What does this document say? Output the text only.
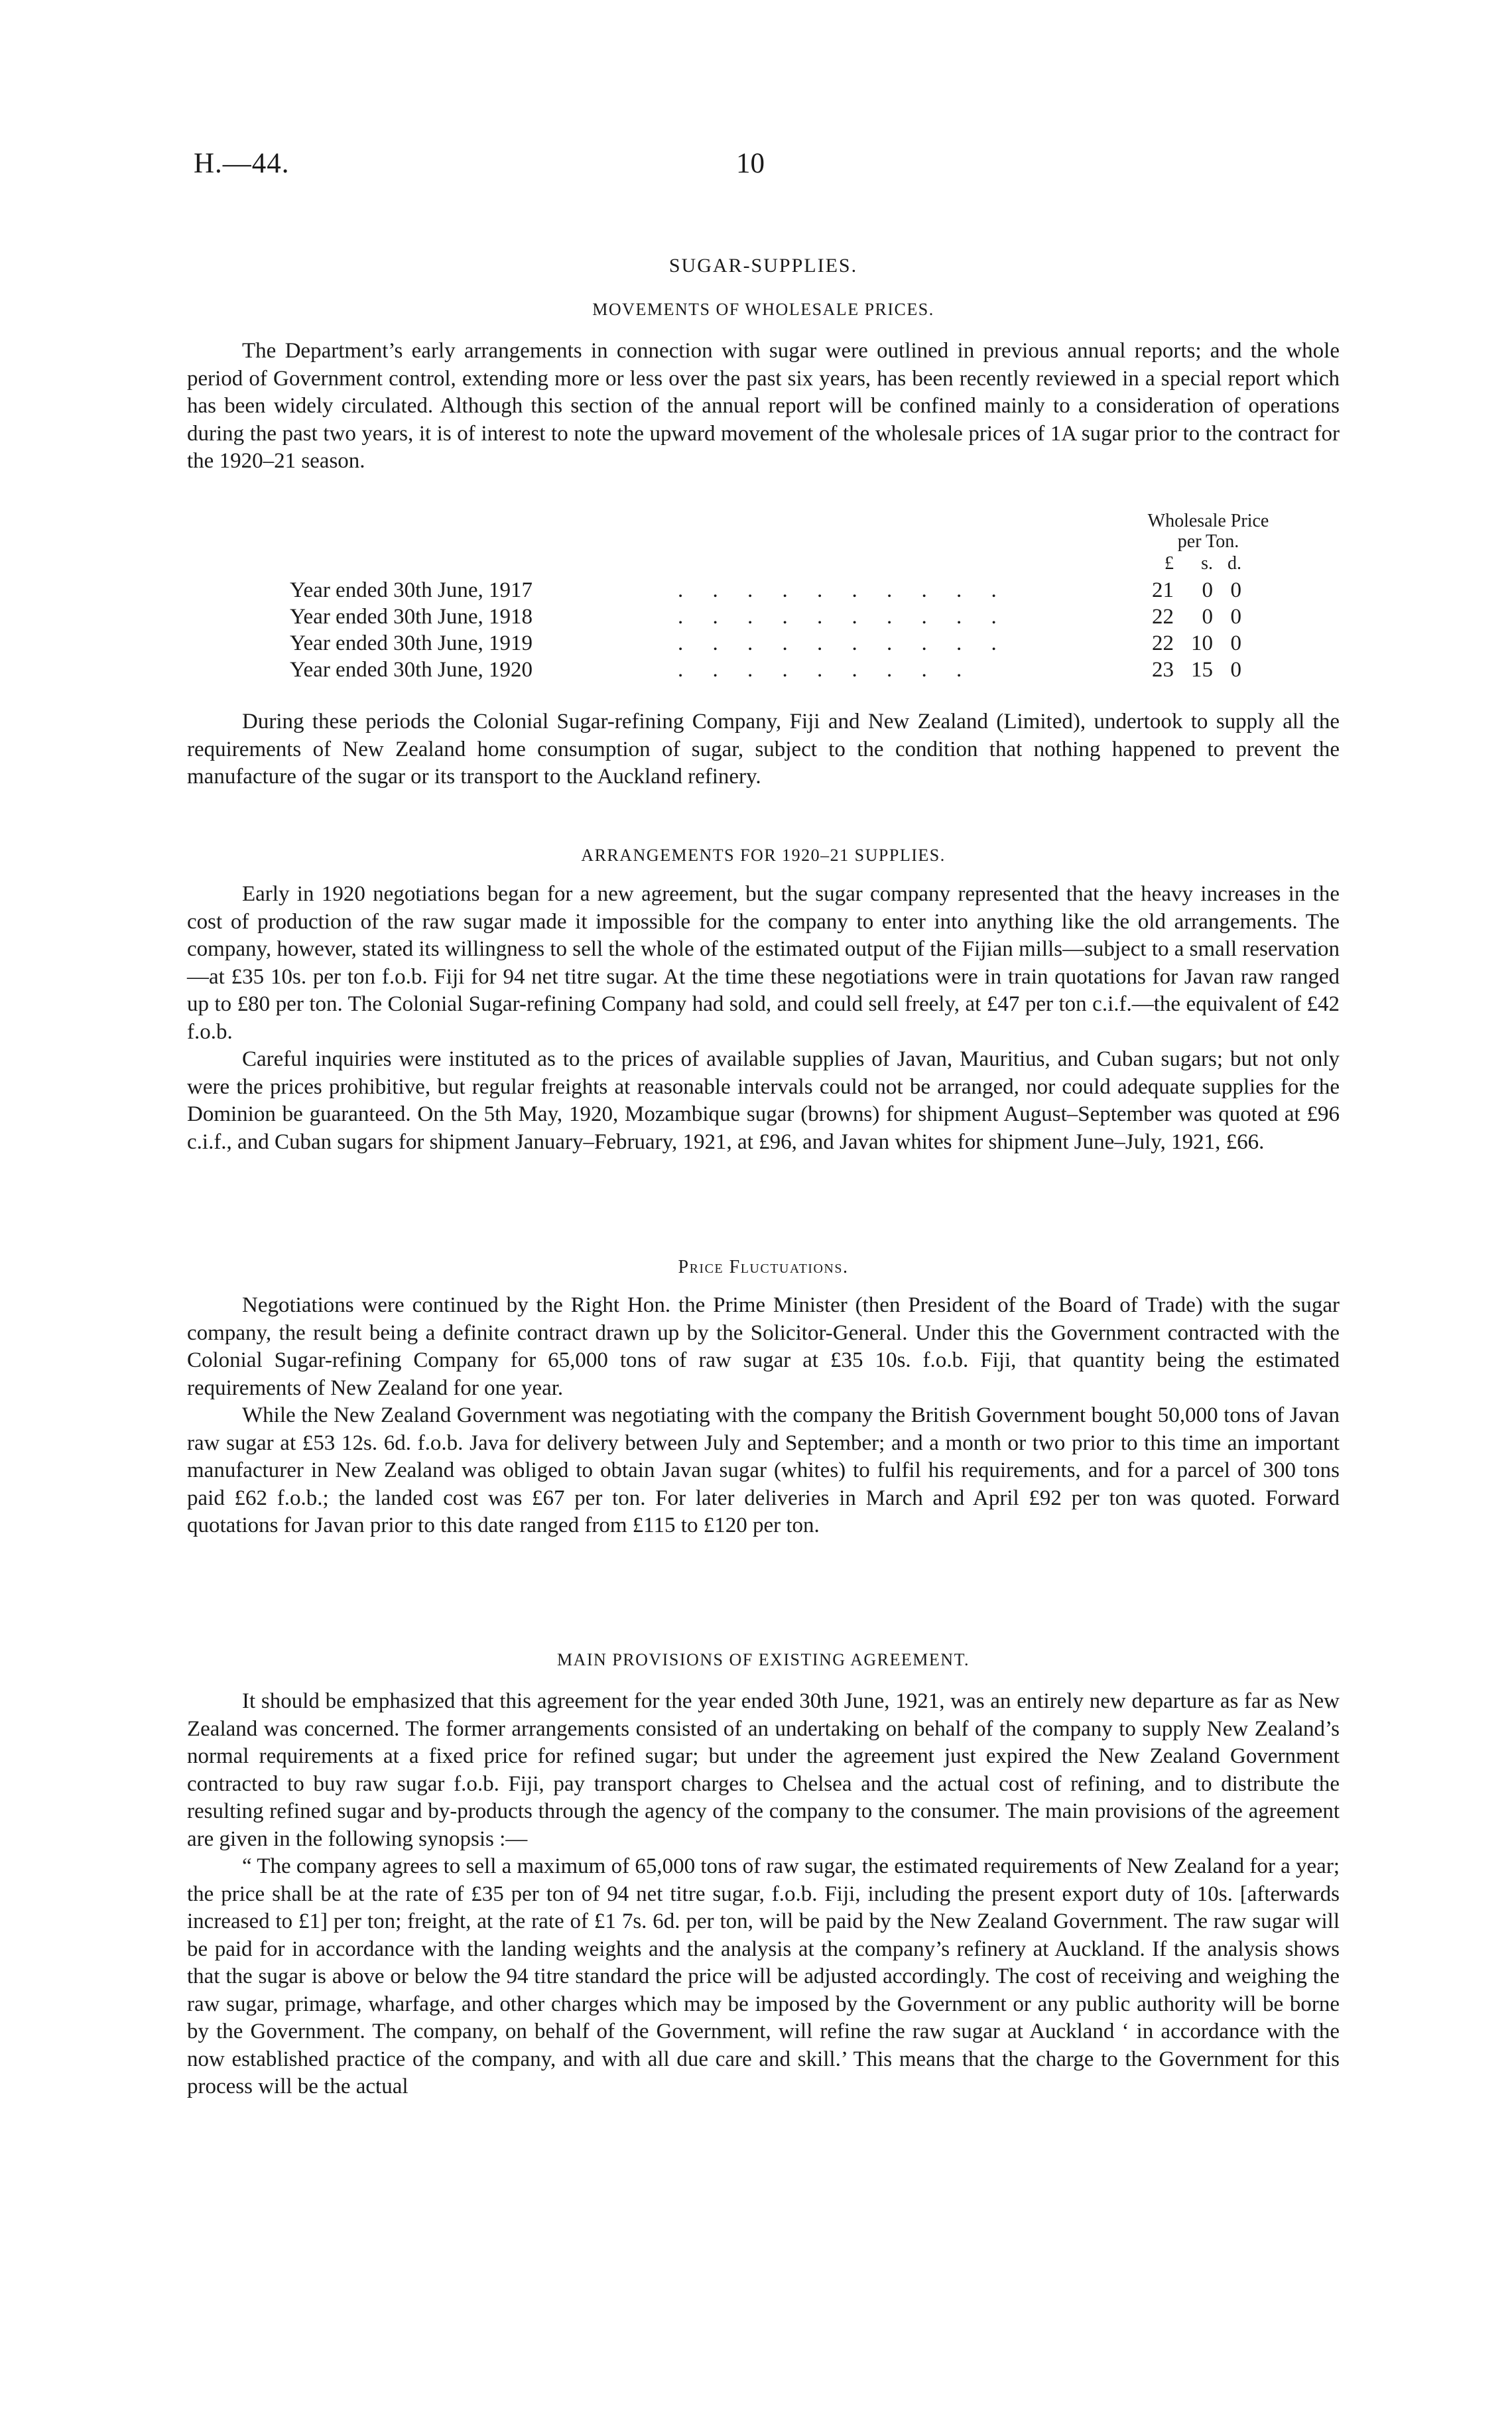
H.—44.	10
SUGAR-SUPPLIES.
MOVEMENTS OF WHOLESALE PRICES.

The Department’s early arrangements in connection with sugar were outlined in previous annual reports; and the whole period of Government control, extending more or less over the past six years, has been recently reviewed in a special report which has been widely circulated. Although this section of the annual report will be confined mainly to a consideration of operations during the past two years, it is of interest to note the upward movement of the wholesale prices of 1A sugar prior to the contract for the 1920–21 season.

Wholesale Price
per Ton.
£	s. d.
Year ended 30th June, 1917	. . . . . . . . . .	21	0 0
Year ended 30th June, 1918	. . . . . . . . . .	22	0 0
Year ended 30th June, 1919	. . . . . . . . . .	22 10 0
Year ended 30th June, 1920	. . . . . . . . .	23 15 0

During these periods the Colonial Sugar-refining Company, Fiji and New Zealand (Limited), undertook to supply all the requirements of New Zealand home consumption of sugar, subject to the condition that nothing happened to prevent the manufacture of the sugar or its transport to the Auckland refinery.

ARRANGEMENTS FOR 1920–21 SUPPLIES.

Early in 1920 negotiations began for a new agreement, but the sugar company represented that the heavy increases in the cost of production of the raw sugar made it impossible for the company to enter into anything like the old arrangements. The company, however, stated its willingness to sell the whole of the estimated output of the Fijian mills—subject to a small reservation—at £35 10s. per ton f.o.b. Fiji for 94 net titre sugar. At the time these negotiations were in train quotations for Javan raw ranged up to £80 per ton. The Colonial Sugar-refining Company had sold, and could sell freely, at £47 per ton c.i.f.—the equivalent of £42 f.o.b.

Careful inquiries were instituted as to the prices of available supplies of Javan, Mauritius, and Cuban sugars; but not only were the prices prohibitive, but regular freights at reasonable intervals could not be arranged, nor could adequate supplies for the Dominion be guaranteed. On the 5th May, 1920, Mozambique sugar (browns) for shipment August–September was quoted at £96 c.i.f., and Cuban sugars for shipment January–February, 1921, at £96, and Javan whites for shipment June–July, 1921, £66.

Price Fluctuations.

Negotiations were continued by the Right Hon. the Prime Minister (then President of the Board of Trade) with the sugar company, the result being a definite contract drawn up by the Solicitor-General. Under this the Government contracted with the Colonial Sugar-refining Company for 65,000 tons of raw sugar at £35 10s. f.o.b. Fiji, that quantity being the estimated requirements of New Zealand for one year.

While the New Zealand Government was negotiating with the company the British Government bought 50,000 tons of Javan raw sugar at £53 12s. 6d. f.o.b. Java for delivery between July and September; and a month or two prior to this time an important manufacturer in New Zealand was obliged to obtain Javan sugar (whites) to fulfil his requirements, and for a parcel of 300 tons paid £62 f.o.b.; the landed cost was £67 per ton. For later deliveries in March and April £92 per ton was quoted. Forward quotations for Javan prior to this date ranged from £115 to £120 per ton.

MAIN PROVISIONS OF EXISTING AGREEMENT.

It should be emphasized that this agreement for the year ended 30th June, 1921, was an entirely new departure as far as New Zealand was concerned. The former arrangements consisted of an undertaking on behalf of the company to supply New Zealand’s normal requirements at a fixed price for refined sugar; but under the agreement just expired the New Zealand Government contracted to buy raw sugar f.o.b. Fiji, pay transport charges to Chelsea and the actual cost of refining, and to distribute the resulting refined sugar and by-products through the agency of the company to the consumer. The main provisions of the agreement are given in the following synopsis :—

“ The company agrees to sell a maximum of 65,000 tons of raw sugar, the estimated requirements of New Zealand for a year; the price shall be at the rate of £35 per ton of 94 net titre sugar, f.o.b. Fiji, including the present export duty of 10s. [afterwards increased to £1] per ton; freight, at the rate of £1 7s. 6d. per ton, will be paid by the New Zealand Government. The raw sugar will be paid for in accordance with the landing weights and the analysis at the company’s refinery at Auckland. If the analysis shows that the sugar is above or below the 94 titre standard the price will be adjusted accordingly. The cost of receiving and weighing the raw sugar, primage, wharfage, and other charges which may be imposed by the Government or any public authority will be borne by the Government. The company, on behalf of the Government, will refine the raw sugar at Auckland ‘ in accordance with the now established practice of the company, and with all due care and skill.’ This means that the charge to the Government for this process will be the actual
